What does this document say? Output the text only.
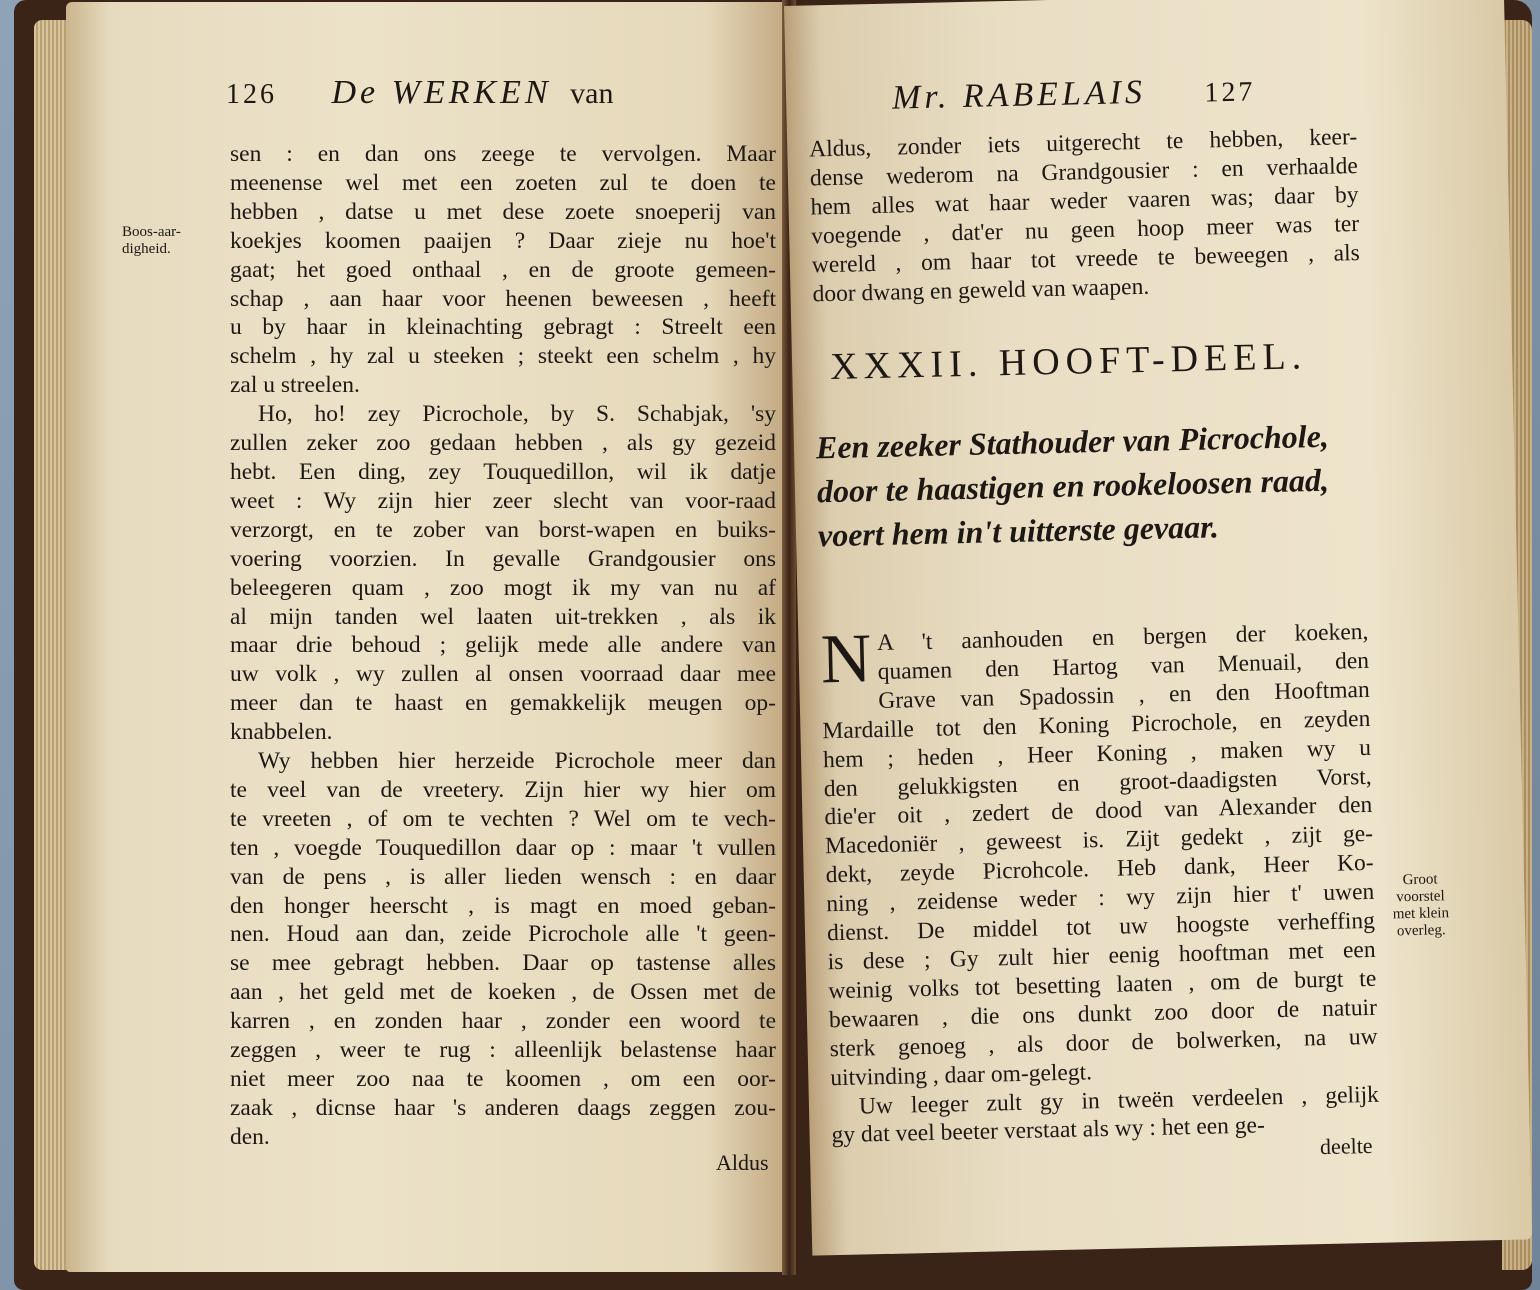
126 De WERKEN van
Boos-aar-
digheid.
sen : en dan ons zeege te vervolgen. Maar
meenense wel met een zoeten zul te doen te
hebben , datse u met dese zoete snoeperij van
koekjes koomen paaijen ? Daar zieje nu hoe't
gaat; het goed onthaal , en de groote gemeen-
schap , aan haar voor heenen beweesen , heeft
u by haar in kleinachting gebragt : Streelt een
schelm , hy zal u steeken ; steekt een schelm , hy
zal u streelen.
Ho, ho! zey Picrochole, by S. Schabjak, 'sy
zullen zeker zoo gedaan hebben , als gy gezeid
hebt. Een ding, zey Touquedillon, wil ik datje
weet : Wy zijn hier zeer slecht van voor-raad
verzorgt, en te zober van borst-wapen en buiks-
voering voorzien. In gevalle Grandgousier ons
beleegeren quam , zoo mogt ik my van nu af
al mijn tanden wel laaten uit-trekken , als ik
maar drie behoud ; gelijk mede alle andere van
uw volk , wy zullen al onsen voorraad daar mee
meer dan te haast en gemakkelijk meugen op-
knabbelen.
Wy hebben hier herzeide Picrochole meer dan
te veel van de vreetery. Zijn hier wy hier om
te vreeten , of om te vechten ? Wel om te vech-
ten , voegde Touquedillon daar op : maar 't vullen
van de pens , is aller lieden wensch : en daar
den honger heerscht , is magt en moed geban-
nen. Houd aan dan, zeide Picrochole alle 't geen-
se mee gebragt hebben. Daar op tastense alles
aan , het geld met de koeken , de Ossen met de
karren , en zonden haar , zonder een woord te
zeggen , weer te rug : alleenlijk belastense haar
niet meer zoo naa te koomen , om een oor-
zaak , dicnse haar 's anderen daags zeggen zou-
den.
Aldus
Mr. RABELAIS 127
Aldus, zonder iets uitgerecht te hebben, keer-
dense wederom na Grandgousier : en verhaalde
hem alles wat haar weder vaaren was; daar by
voegende , dat'er nu geen hoop meer was ter
wereld , om haar tot vreede te beweegen , als
door dwang en geweld van waapen.
XXXII. HOOFT-DEEL.
Een zeeker Stathouder van Picrochole, door te haastigen en rookeloosen raad, voert hem in't uitterste gevaar.
N A 't aanhouden en bergen der koeken,
quamen den Hartog van Menuail, den
Grave van Spadossin , en den Hooftman
Mardaille tot den Koning Picrochole, en zeyden
hem ; heden , Heer Koning , maken wy u
den gelukkigsten en groot-daadigsten Vorst,
die'er oit , zedert de dood van Alexander den
Macedoniër , geweest is. Zijt gedekt , zijt ge-
dekt, zeyde Picrohcole. Heb dank, Heer Ko-
ning , zeidense weder : wy zijn hier t' uwen
dienst. De middel tot uw hoogste verheffing
is dese ; Gy zult hier eenig hooftman met een
weinig volks tot besetting laaten , om de burgt te
bewaaren , die ons dunkt zoo door de natuir
sterk genoeg , als door de bolwerken, na uw
uitvinding , daar om-gelegt.
Uw leeger zult gy in tweën verdeelen , gelijk
gy dat veel beeter verstaat als wy : het een ge-
Groot
voorstel
met klein
overleg.
deelte
